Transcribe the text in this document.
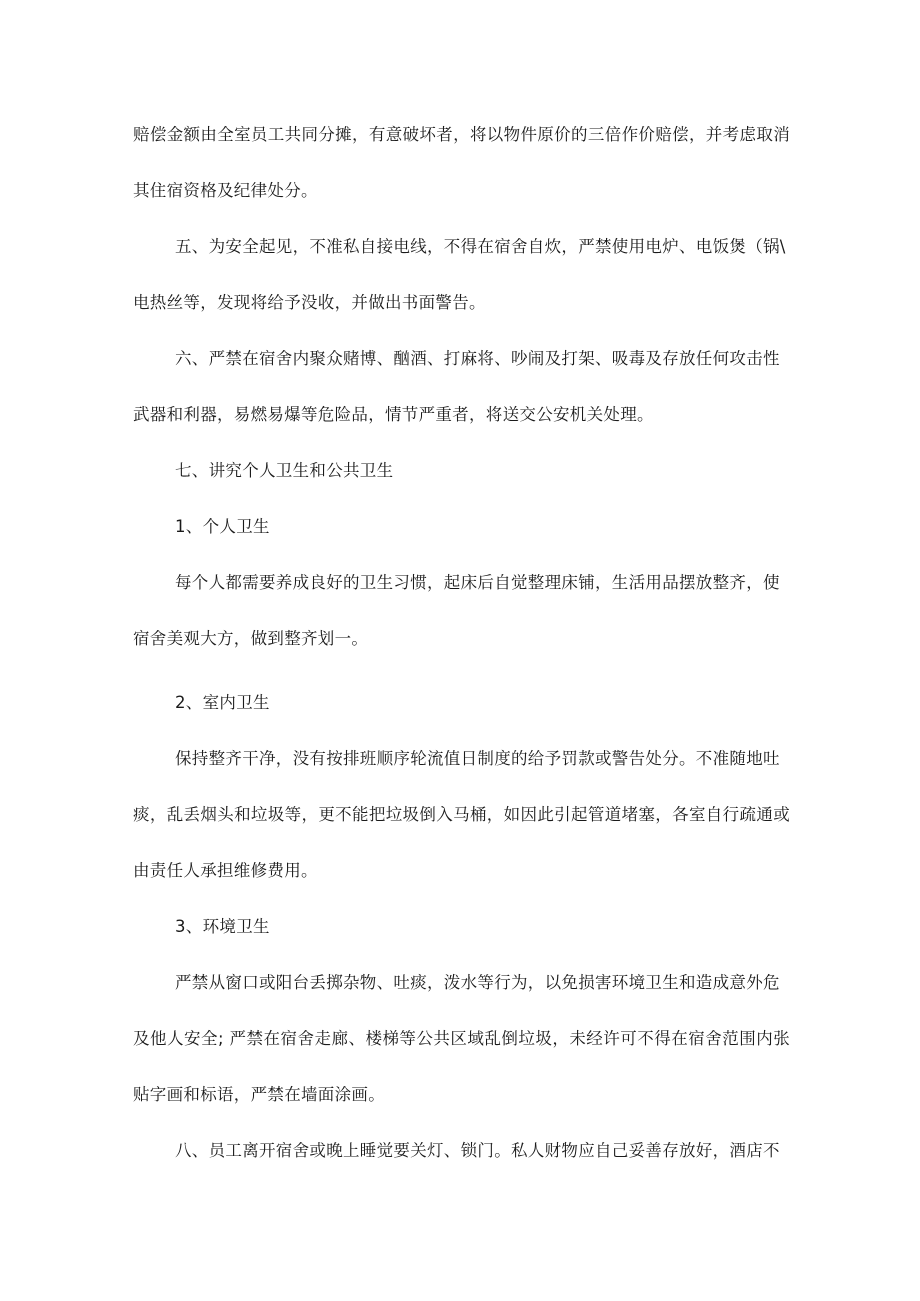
赔偿金额由全室员工共同分摊，有意破坏者，将以物件原价的三倍作价赔偿，并考虑取消
其住宿资格及纪律处分。
五、为安全起见，不准私自接电线，不得在宿舍自炊，严禁使用电炉、电饭煲（锅\
电热丝等，发现将给予没收，并做出书面警告。
六、严禁在宿舍内聚众赌博、酗酒、打麻将、吵闹及打架、吸毒及存放任何攻击性
武器和利器，易燃易爆等危险品，情节严重者，将送交公安机关处理。
七、讲究个人卫生和公共卫生
1、个人卫生
每个人都需要养成良好的卫生习惯，起床后自觉整理床铺，生活用品摆放整齐，使
宿舍美观大方，做到整齐划一。
2、室内卫生
保持整齐干净，没有按排班顺序轮流值日制度的给予罚款或警告处分。不准随地吐
痰，乱丢烟头和垃圾等，更不能把垃圾倒入马桶，如因此引起管道堵塞，各室自行疏通或
由责任人承担维修费用。
3、环境卫生
严禁从窗口或阳台丢掷杂物、吐痰，泼水等行为，以免损害环境卫生和造成意外危
及他人安全; 严禁在宿舍走廊、楼梯等公共区域乱倒垃圾，未经许可不得在宿舍范围内张
贴字画和标语，严禁在墙面涂画。
八、员工离开宿舍或晚上睡觉要关灯、锁门。私人财物应自己妥善存放好，酒店不
